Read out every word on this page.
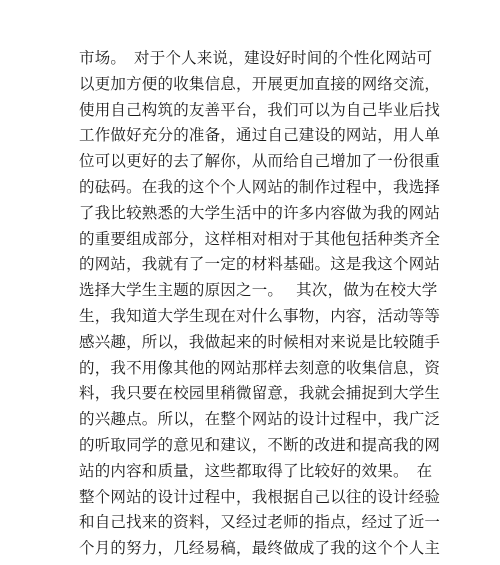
市场。　对于个人来说，建设好时间的个性化网站可
以更加方便的收集信息，开展更加直接的网络交流，
使用自己构筑的友善平台，我们可以为自己毕业后找
工作做好充分的准备，通过自己建设的网站，用人单
位可以更好的去了解你，从而给自己增加了一份很重
的砝码。在我的这个个人网站的制作过程中，我选择
了我比较熟悉的大学生活中的许多内容做为我的网站
的重要组成部分，这样相对相对于其他包括种类齐全
的网站，我就有了一定的材料基础。这是我这个网站
选择大学生主题的原因之一。　 其次，做为在校大学
生，我知道大学生现在对什么事物，内容，活动等等
感兴趣，所以，我做起来的时候相对来说是比较随手
的，我不用像其他的网站那样去刻意的收集信息，资
料，我只要在校园里稍微留意，我就会捕捉到大学生
的兴趣点。所以，在整个网站的设计过程中，我广泛
的听取同学的意见和建议，不断的改进和提高我的网
站的内容和质量，这些都取得了比较好的效果。　在
整个网站的设计过程中，我根据自己以往的设计经验
和自己找来的资料，又经过老师的指点，经过了近一
个月的努力，几经易稿，最终做成了我的这个个人主
